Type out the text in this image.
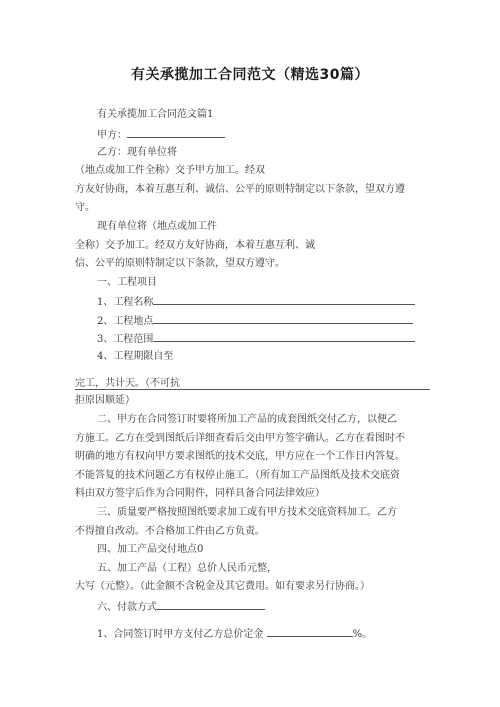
有关承揽加工合同范文（精选30篇）
有关承揽加工合同范文篇1
甲方：
乙方：现有单位将
（地点或加工件全称）交予甲方加工。经双
方友好协商，本着互惠互利、诚信、公平的原则特制定以下条款，望双方遵
守。
现有单位将（地点或加工件
全称）交予加工。经双方友好协商，本着互惠互利、诚
信、公平的原则特制定以下条款，望双方遵守。
一、工程项目
1、工程名称
2、工程地点
3、工程范围
4、工程期限自至
完工，共计天。（不可抗
拒原因顺延）
二、甲方在合同签订时要将所加工产品的成套图纸交付乙方，以便乙
方施工。乙方在受到图纸后详细查看后交由甲方签字确认。乙方在看图时不
明确的地方有权向甲方要求图纸的技术交底，甲方应在一个工作日内答复。
不能答复的技术问题乙方有权停止施工。（所有加工产品图纸及技术交底资
料由双方签字后作为合同附件，同样具备合同法律效应）
三、质量要严格按照图纸要求加工或有甲方技术交底资料加工。乙方
不得擅自改动。不合格加工件由乙方负责。
四、加工产品交付地点0
五、加工产品（工程）总价人民币元整，
大写（元整）。（此金额不含税金及其它费用。如有要求另行协商。）
六、付款方式
1、合同签订时甲方支付乙方总价定金	%。
